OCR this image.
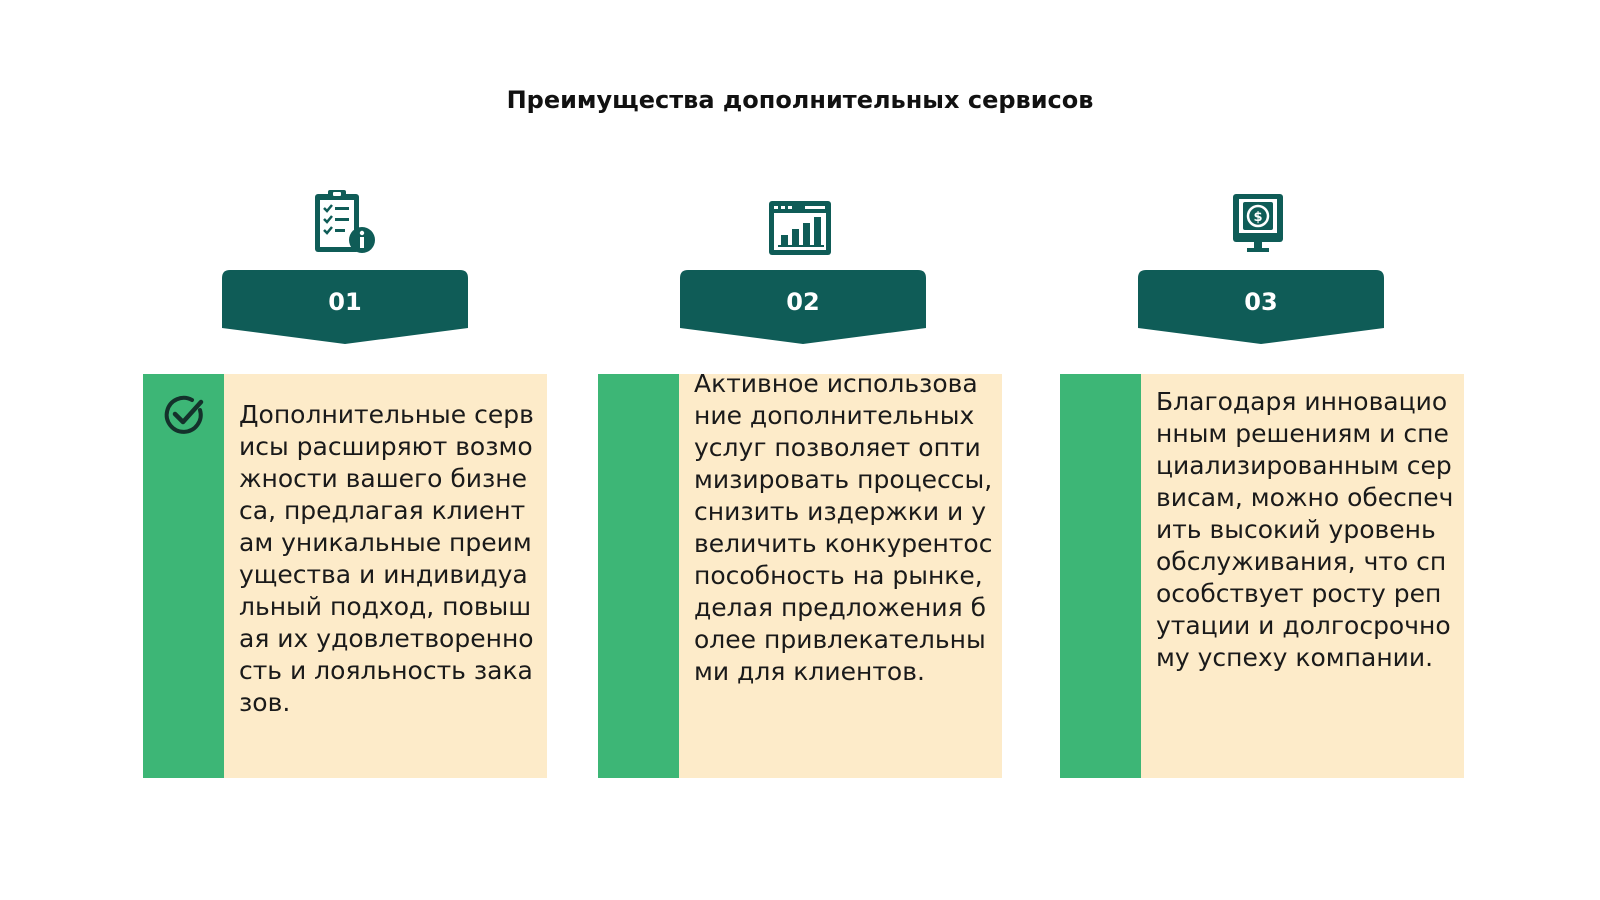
Преимущества дополнительных сервисов
$
01	02	03
Дополнительные сервисы расширяют возможности вашего бизнеса, предлагая клиентам уникальные преимущества и индивидуальный подход, повышая их удовлетворенность и лояльность заказов.
Активное использование дополнительных услуг позволяет оптимизировать процессы, снизить издержки и увеличить конкурентоспособность на рынке, делая предложения более привлекательными для клиентов.
Благодаря инновационным решениям и специализированным сервисам, можно обеспечить высокий уровень обслуживания, что способствует росту репутации и долгосрочному успеху компании.
